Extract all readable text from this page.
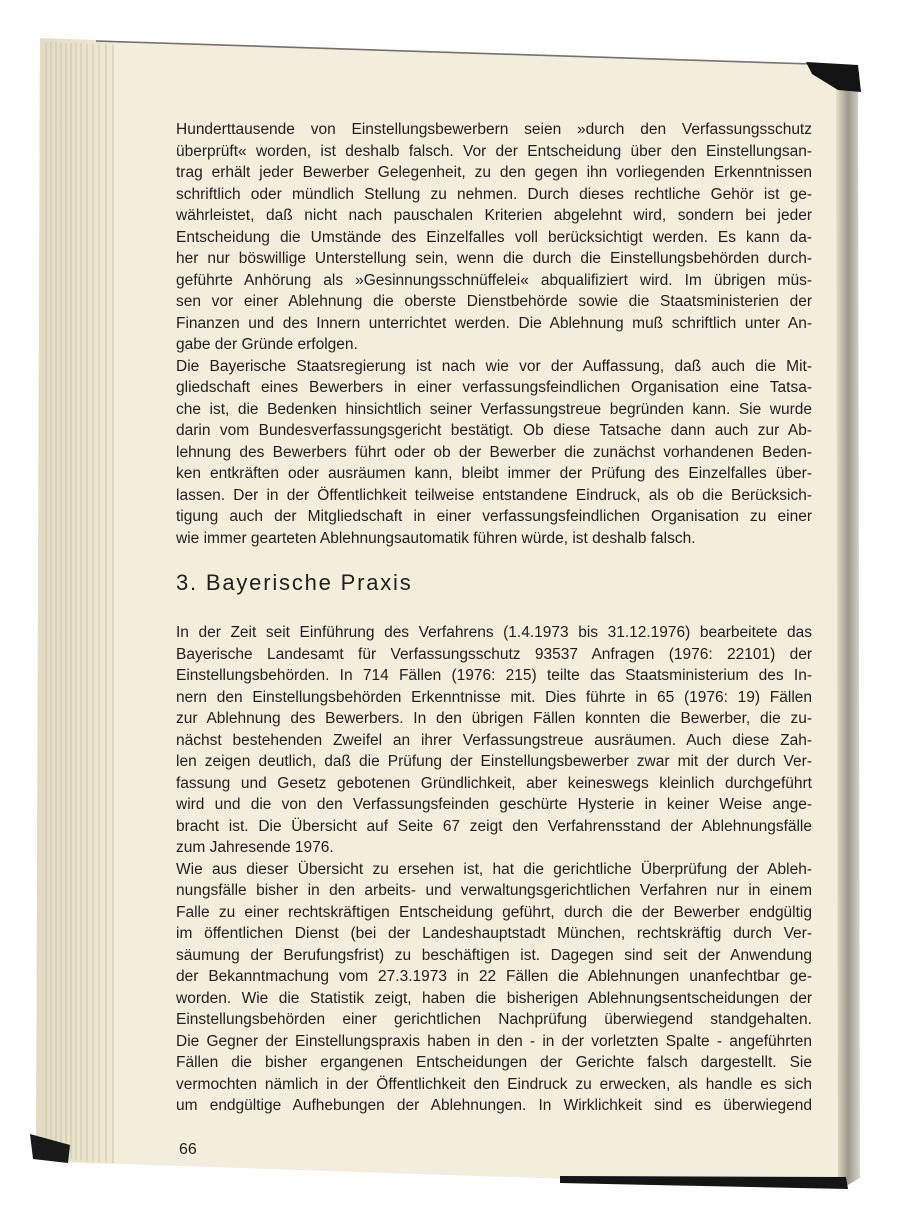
Hunderttausende von Einstellungsbewerbern seien »durch den Verfassungsschutz
überprüft« worden, ist deshalb falsch. Vor der Entscheidung über den Einstellungsan-
trag erhält jeder Bewerber Gelegenheit, zu den gegen ihn vorliegenden Erkenntnissen
schriftlich oder mündlich Stellung zu nehmen. Durch dieses rechtliche Gehör ist ge-
währleistet, daß nicht nach pauschalen Kriterien abgelehnt wird, sondern bei jeder
Entscheidung die Umstände des Einzelfalles voll berücksichtigt werden. Es kann da-
her nur böswillige Unterstellung sein, wenn die durch die Einstellungsbehörden durch-
geführte Anhörung als »Gesinnungsschnüffelei« abqualifiziert wird. Im übrigen müs-
sen vor einer Ablehnung die oberste Dienstbehörde sowie die Staatsministerien der
Finanzen und des Innern unterrichtet werden. Die Ablehnung muß schriftlich unter An-
gabe der Gründe erfolgen.
Die Bayerische Staatsregierung ist nach wie vor der Auffassung, daß auch die Mit-
gliedschaft eines Bewerbers in einer verfassungsfeindlichen Organisation eine Tatsa-
che ist, die Bedenken hinsichtlich seiner Verfassungstreue begründen kann. Sie wurde
darin vom Bundesverfassungsgericht bestätigt. Ob diese Tatsache dann auch zur Ab-
lehnung des Bewerbers führt oder ob der Bewerber die zunächst vorhandenen Beden-
ken entkräften oder ausräumen kann, bleibt immer der Prüfung des Einzelfalles über-
lassen. Der in der Öffentlichkeit teilweise entstandene Eindruck, als ob die Berücksich-
tigung auch der Mitgliedschaft in einer verfassungsfeindlichen Organisation zu einer
wie immer gearteten Ablehnungsautomatik führen würde, ist deshalb falsch.
3. Bayerische Praxis
In der Zeit seit Einführung des Verfahrens (1.4.1973 bis 31.12.1976) bearbeitete das
Bayerische Landesamt für Verfassungsschutz 93537 Anfragen (1976: 22101) der
Einstellungsbehörden. In 714 Fällen (1976: 215) teilte das Staatsministerium des In-
nern den Einstellungsbehörden Erkenntnisse mit. Dies führte in 65 (1976: 19) Fällen
zur Ablehnung des Bewerbers. In den übrigen Fällen konnten die Bewerber, die zu-
nächst bestehenden Zweifel an ihrer Verfassungstreue ausräumen. Auch diese Zah-
len zeigen deutlich, daß die Prüfung der Einstellungsbewerber zwar mit der durch Ver-
fassung und Gesetz gebotenen Gründlichkeit, aber keineswegs kleinlich durchgeführt
wird und die von den Verfassungsfeinden geschürte Hysterie in keiner Weise ange-
bracht ist. Die Übersicht auf Seite 67 zeigt den Verfahrensstand der Ablehnungsfälle
zum Jahresende 1976.
Wie aus dieser Übersicht zu ersehen ist, hat die gerichtliche Überprüfung der Ableh-
nungsfälle bisher in den arbeits- und verwaltungsgerichtlichen Verfahren nur in einem
Falle zu einer rechtskräftigen Entscheidung geführt, durch die der Bewerber endgültig
im öffentlichen Dienst (bei der Landeshauptstadt München, rechtskräftig durch Ver-
säumung der Berufungsfrist) zu beschäftigen ist. Dagegen sind seit der Anwendung
der Bekanntmachung vom 27.3.1973 in 22 Fällen die Ablehnungen unanfechtbar ge-
worden. Wie die Statistik zeigt, haben die bisherigen Ablehnungsentscheidungen der
Einstellungsbehörden einer gerichtlichen Nachprüfung überwiegend standgehalten.
Die Gegner der Einstellungspraxis haben in den - in der vorletzten Spalte - angeführten
Fällen die bisher ergangenen Entscheidungen der Gerichte falsch dargestellt. Sie
vermochten nämlich in der Öffentlichkeit den Eindruck zu erwecken, als handle es sich
um endgültige Aufhebungen der Ablehnungen. In Wirklichkeit sind es überwiegend
66
